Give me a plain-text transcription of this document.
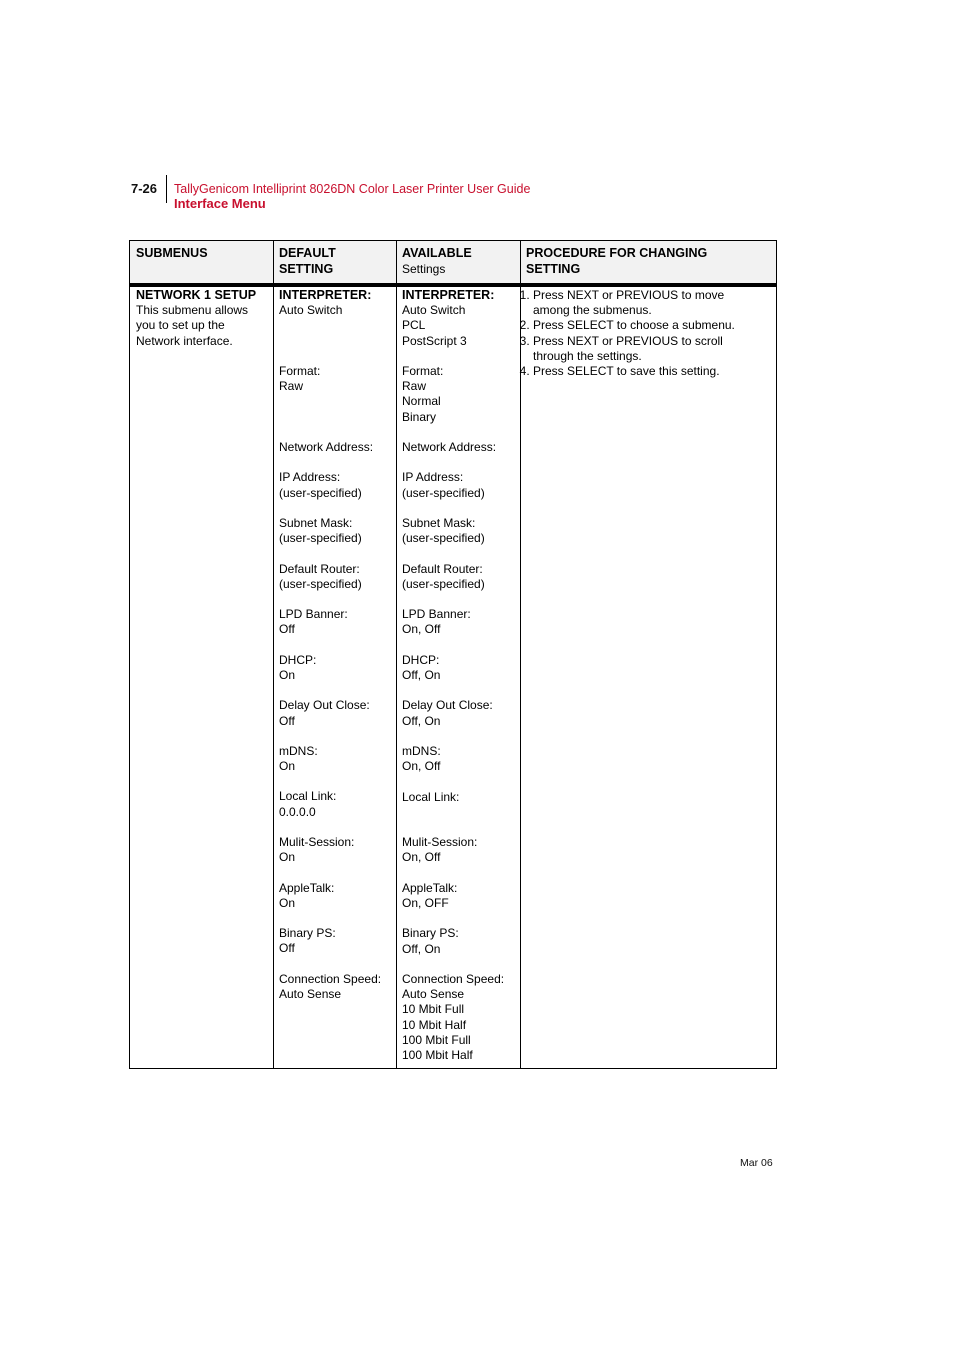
7-26 TallyGenicom Intelliprint 8026DN Color Laser Printer User Guide
Interface Menu
SUBMENUS	DEFAULT
SETTING
AVAILABLE
Settings
PROCEDURE FOR CHANGING
SETTING
NETWORK 1 SETUP
This submenu allows
you to set up the
Network interface.
INTERPRETER:
Auto Switch
Format:
Raw
Network Address:
IP Address:
(user-specified)
Subnet Mask:
(user-specified)
Default Router:
(user-specified)
LPD Banner:
Off
DHCP:
On
Delay Out Close:
Off
mDNS:
On
Local Link:
0.0.0.0
Mulit-Session:
On
AppleTalk:
On
Binary PS:
Off
Connection Speed:
Auto Sense
INTERPRETER:
Auto Switch
PCL
PostScript 3
Format:
Raw
Normal
Binary
Network Address:
IP Address:
(user-specified)
Subnet Mask:
(user-specified)
Default Router:
(user-specified)
LPD Banner:
On, Off
DHCP:
Off, On
Delay Out Close:
Off, On
mDNS:
On, Off
Local Link:
Mulit-Session:
On, Off
AppleTalk:
On, OFF
Binary PS:
Off, On
Connection Speed:
Auto Sense
10 Mbit Full
10 Mbit Half
100 Mbit Full
100 Mbit Half
1. Press NEXT or PREVIOUS to move
among the submenus.
2. Press SELECT to choose a submenu.
3. Press NEXT or PREVIOUS to scroll
through the settings.
4. Press SELECT to save this setting.
Mar 06
